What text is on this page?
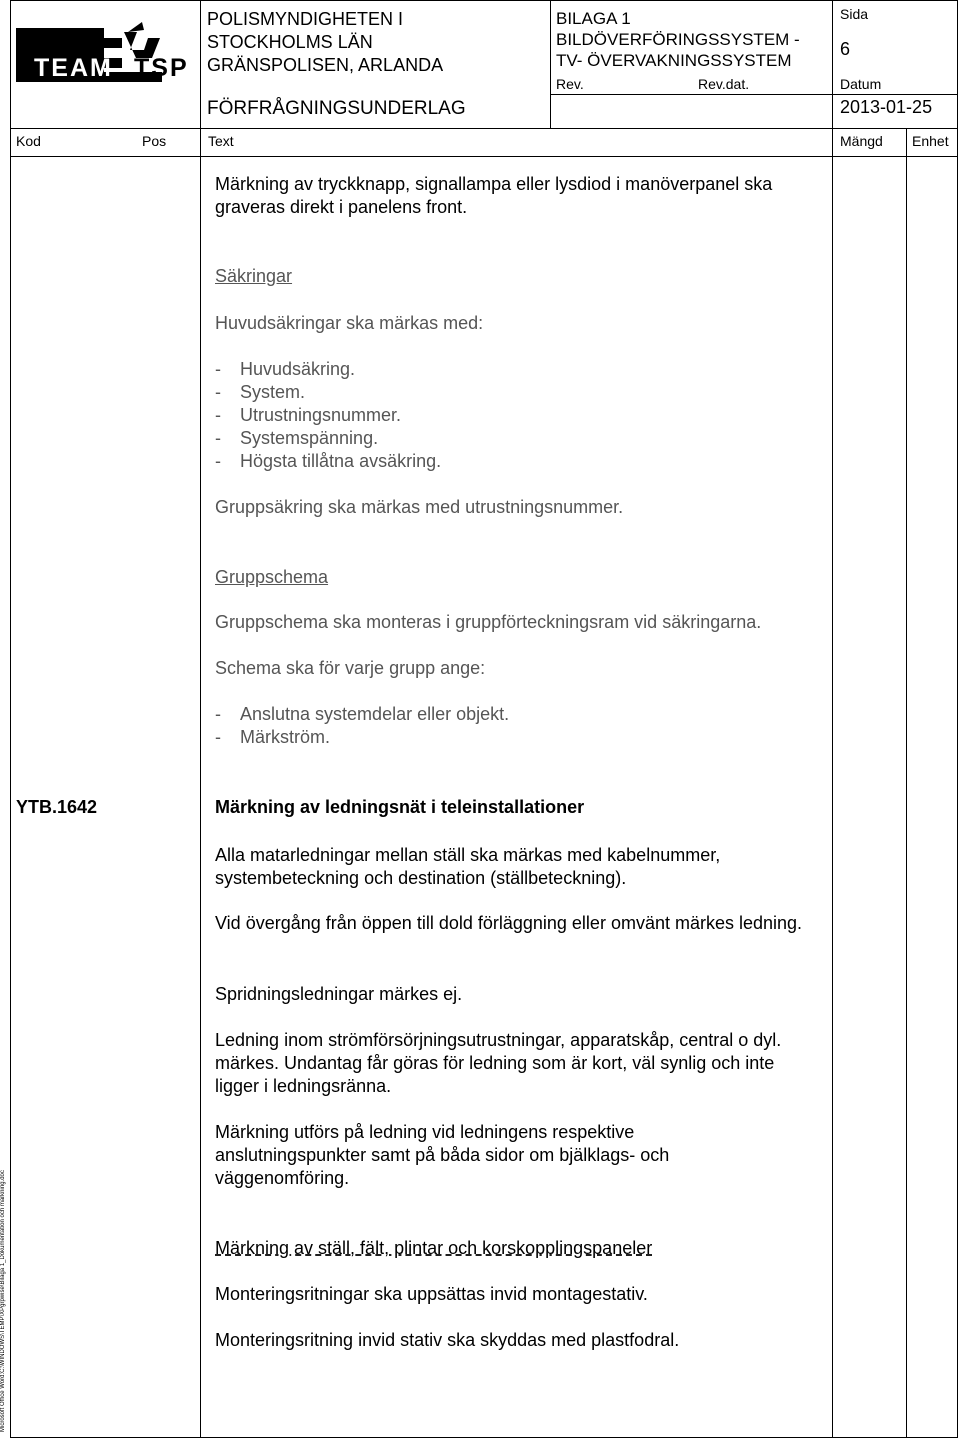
TEAM TSP
POLISMYNDIGHETEN I
STOCKHOLMS LÄN
GRÄNSPOLISEN, ARLANDA
FÖRFRÅGNINGSUNDERLAG
BILAGA 1
BILDÖVERFÖRINGSSYSTEM -
TV- ÖVERVAKNINGSSYSTEM
Rev.	Rev.dat.
Sida
6
Datum
2013-01-25
Kod	Pos	Text	Mängd Enhet
Märkning av tryckknapp, signallampa eller lysdiod i manöverpanel ska graveras direkt i panelens front.
Säkringar
Huvudsäkringar ska märkas med:
- Huvudsäkring.
- System.
- Utrustningsnummer.
- Systemspänning.
- Högsta tillåtna avsäkring.
Gruppsäkring ska märkas med utrustningsnummer.
Gruppschema
Gruppschema ska monteras i gruppförteckningsram vid säkringarna.
Schema ska för varje grupp ange:
- Anslutna systemdelar eller objekt.
- Märkström.
YTB.1642	Märkning av ledningsnät i teleinstallationer
Alla matarledningar mellan ställ ska märkas med kabelnummer, systembeteckning och destination (ställbeteckning).
Vid övergång från öppen till dold förläggning eller omvänt märkes ledning.
Spridningsledningar märkes ej.
Ledning inom strömförsörjningsutrustningar, apparatskåp, central o dyl. märkes. Undantag får göras för ledning som är kort, väl synlig och inte ligger i ledningsränna.
Märkning utförs på ledning vid ledningens respektive anslutningspunkter samt på båda sidor om bjälklags- och väggenomföring.
Märkning av ställ, fält, plintar och korskopplingspaneler
Monteringsritningar ska uppsättas invid montagestativ.
Monteringsritning invid stativ ska skyddas med plastfodral.
Microsoft Office Word:C:\WINDOWS\TEMP\XPgrpwise\Bilaga 1_Dokumentation och märkning.doc
